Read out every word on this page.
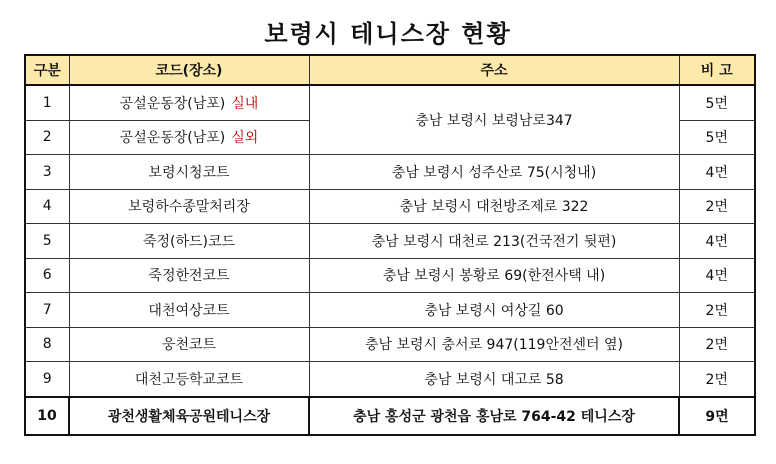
보령시 테니스장 현황
구분	코드(장소)	주소	비 고
1	공설운동장(남포) 실내	충남 보령시 보령남로347	5면
2	공설운동장(남포) 실외		5면
3	보령시청코트	충남 보령시 성주산로 75(시청내)	4면
4	보령하수종말처리장	충남 보령시 대천방조제로 322	2면
5	죽정(하드)코드	충남 보령시 대천로 213(건국전기 뒷편)	4면
6	죽정한전코트	충남 보령시 봉황로 69(한전사택 내)	4면
7	대천여상코트	충남 보령시 여상길 60	2면
8	웅천코트	충남 보령시 충서로 947(119안전센터 옆)	2면
9	대천고등학교코트	충남 보령시 대고로 58	2면
10	광천생활체육공원테니스장	충남 홍성군 광천읍 홍남로 764-42 테니스장	9면
